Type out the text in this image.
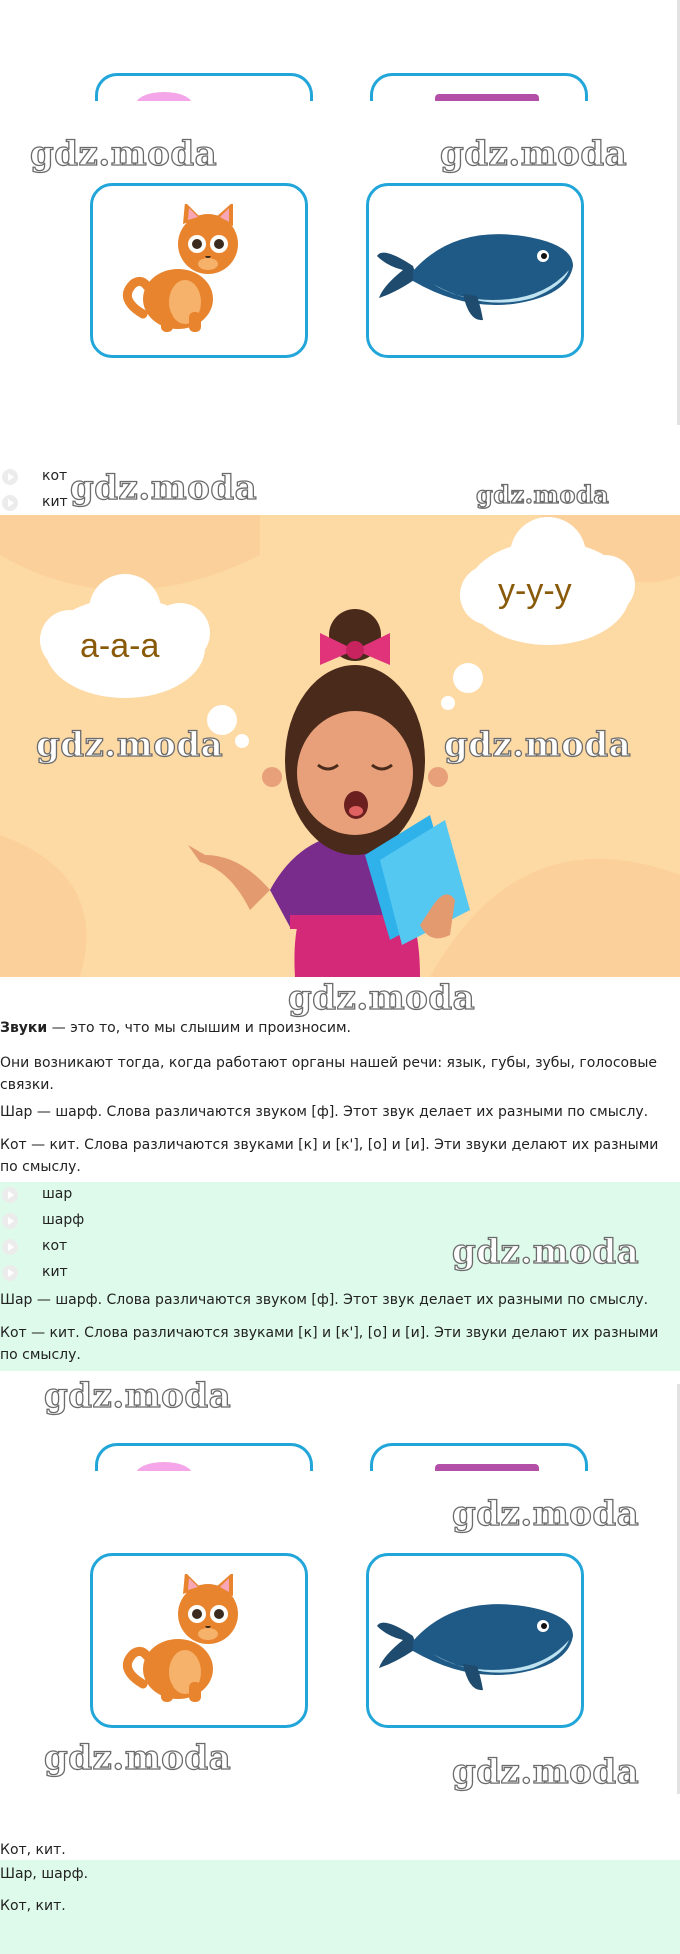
gdz.moda	gdz.moda
кот
кит gdz.moda	gdz.moda
а-а-а
у-у-у
gdz.moda	gdz.moda
gdz.moda
Звуки — это то, что мы слышим и произносим.
Они возникают тогда, когда работают органы нашей речи: язык, губы, зубы, голосовые связки.
Шар — шарф. Слова различаются звуком [ф]. Этот звук делает их разными по смыслу.
Кот — кит. Слова различаются звуками [к] и [к'], [о] и [и]. Эти звуки делают их разными по смыслу.
шар
шарф
кот
кит
Шар — шарф. Слова различаются звуком [ф]. Этот звук делает их разными по смыслу.
Кот — кит. Слова различаются звуками [к] и [к'], [о] и [и]. Эти звуки делают их разными по смыслу.
gdz.moda
gdz.moda
gdz.moda
gdz.moda	gdz.moda
Кот, кит.
Шар, шарф.
Кот, кит.
